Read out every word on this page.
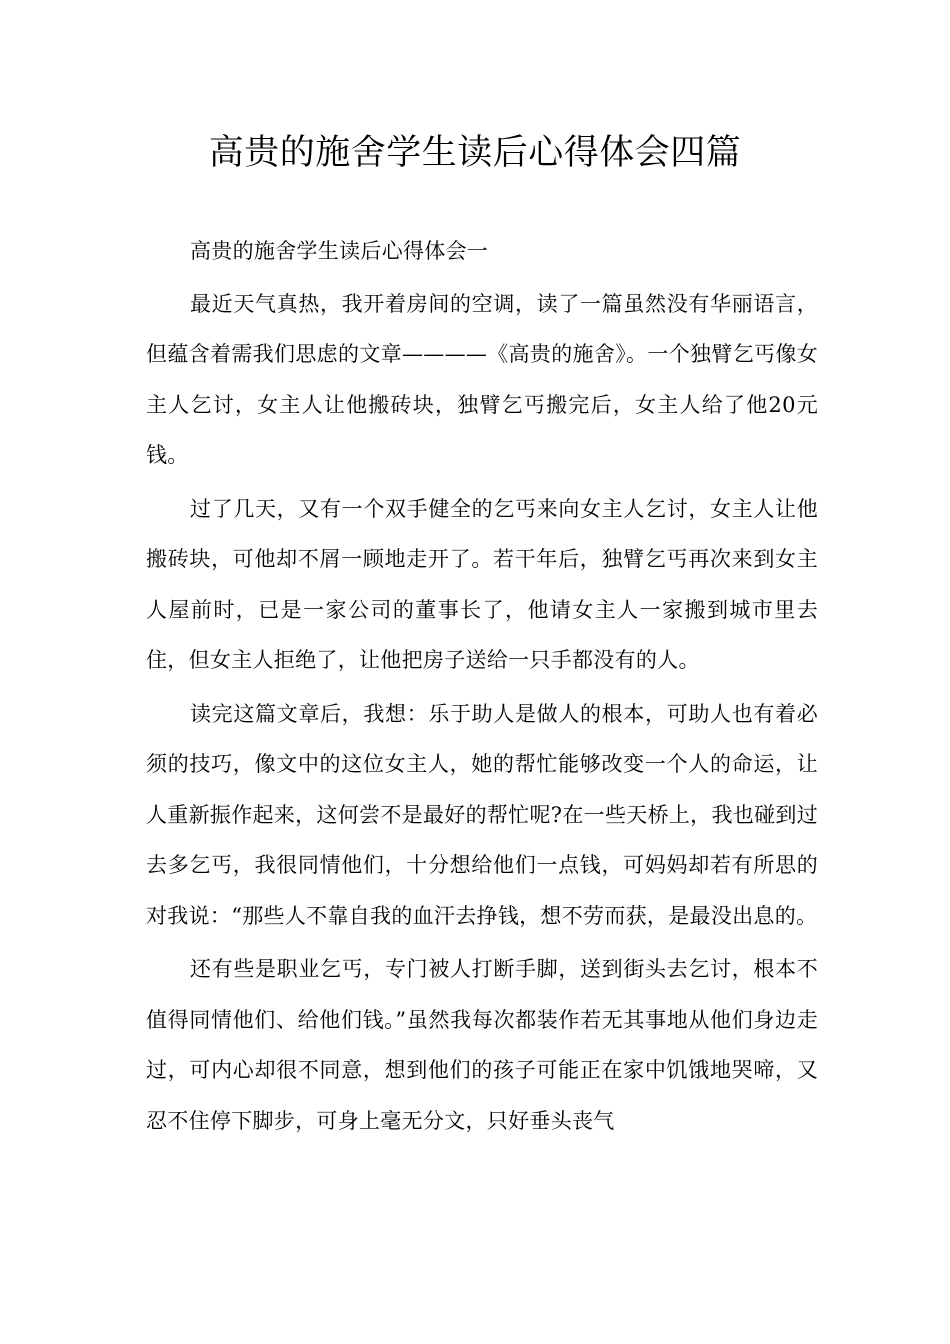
高贵的施舍学生读后心得体会四篇

高贵的施舍学生读后心得体会一

最近天气真热，我开着房间的空调，读了一篇虽然没有华丽语言，但蕴含着需我们思虑的文章————《高贵的施舍》。一个独臂乞丐像女主人乞讨，女主人让他搬砖块，独臂乞丐搬完后，女主人给了他20元钱。

过了几天，又有一个双手健全的乞丐来向女主人乞讨，女主人让他搬砖块，可他却不屑一顾地走开了。若干年后，独臂乞丐再次来到女主人屋前时，已是一家公司的董事长了，他请女主人一家搬到城市里去住，但女主人拒绝了，让他把房子送给一只手都没有的人。

读完这篇文章后，我想：乐于助人是做人的根本，可助人也有着必须的技巧，像文中的这位女主人，她的帮忙能够改变一个人的命运，让人重新振作起来，这何尝不是最好的帮忙呢?在一些天桥上，我也碰到过去多乞丐，我很同情他们，十分想给他们一点钱，可妈妈却若有所思的对我说：“那些人不靠自我的血汗去挣钱，想不劳而获，是最没出息的。

还有些是职业乞丐，专门被人打断手脚，送到街头去乞讨，根本不值得同情他们、给他们钱。”虽然我每次都装作若无其事地从他们身边走过，可内心却很不同意，想到他们的孩子可能正在家中饥饿地哭啼，又忍不住停下脚步，可身上毫无分文，只好垂头丧气
